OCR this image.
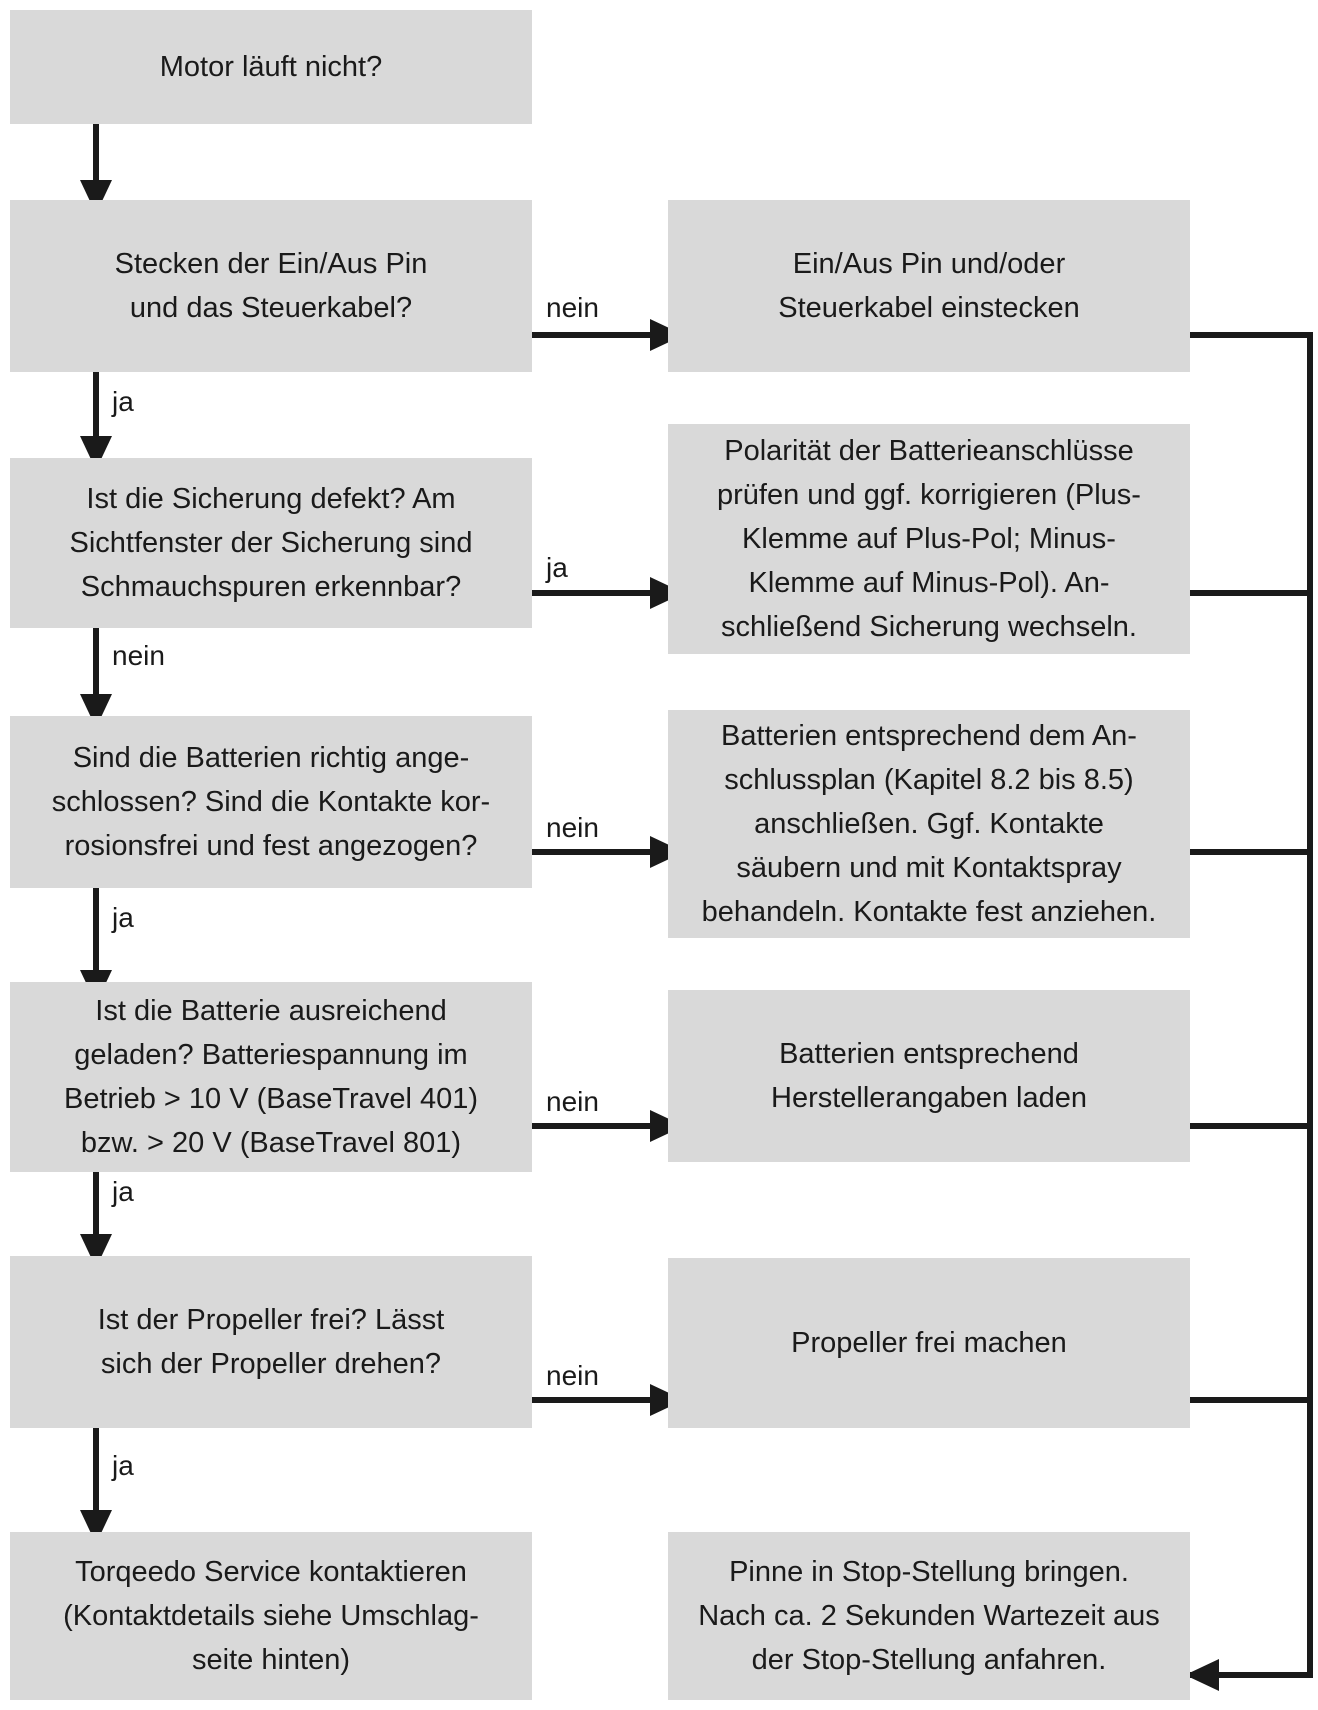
Motor läuft nicht?
Stecken der Ein/Aus Pin
und das Steuerkabel?
Ist die Sicherung defekt? Am
Sichtfenster der Sicherung sind
Schmauchspuren erkennbar?
Sind die Batterien richtig ange-
schlossen? Sind die Kontakte kor-
rosionsfrei und fest angezogen?
Ist die Batterie ausreichend
geladen? Batteriespannung im
Betrieb > 10 V (BaseTravel 401)
bzw. > 20 V (BaseTravel 801)
Ist der Propeller frei? Lässt
sich der Propeller drehen?
Torqeedo Service kontaktieren
(Kontaktdetails siehe Umschlag-
seite hinten)
Ein/Aus Pin und/oder
Steuerkabel einstecken
Polarität der Batterieanschlüsse
prüfen und ggf. korrigieren (Plus-
Klemme auf Plus-Pol; Minus-
Klemme auf Minus-Pol). An-
schließend Sicherung wechseln.
Batterien entsprechend dem An-
schlussplan (Kapitel 8.2 bis 8.5)
anschließen. Ggf. Kontakte
säubern und mit Kontaktspray
behandeln. Kontakte fest anziehen.
Batterien entsprechend
Herstellerangaben laden
Propeller frei machen
Pinne in Stop-Stellung bringen.
Nach ca. 2 Sekunden Wartezeit aus
der Stop-Stellung anfahren.
ja
nein
ja
ja
ja
nein
ja
nein
nein
nein
